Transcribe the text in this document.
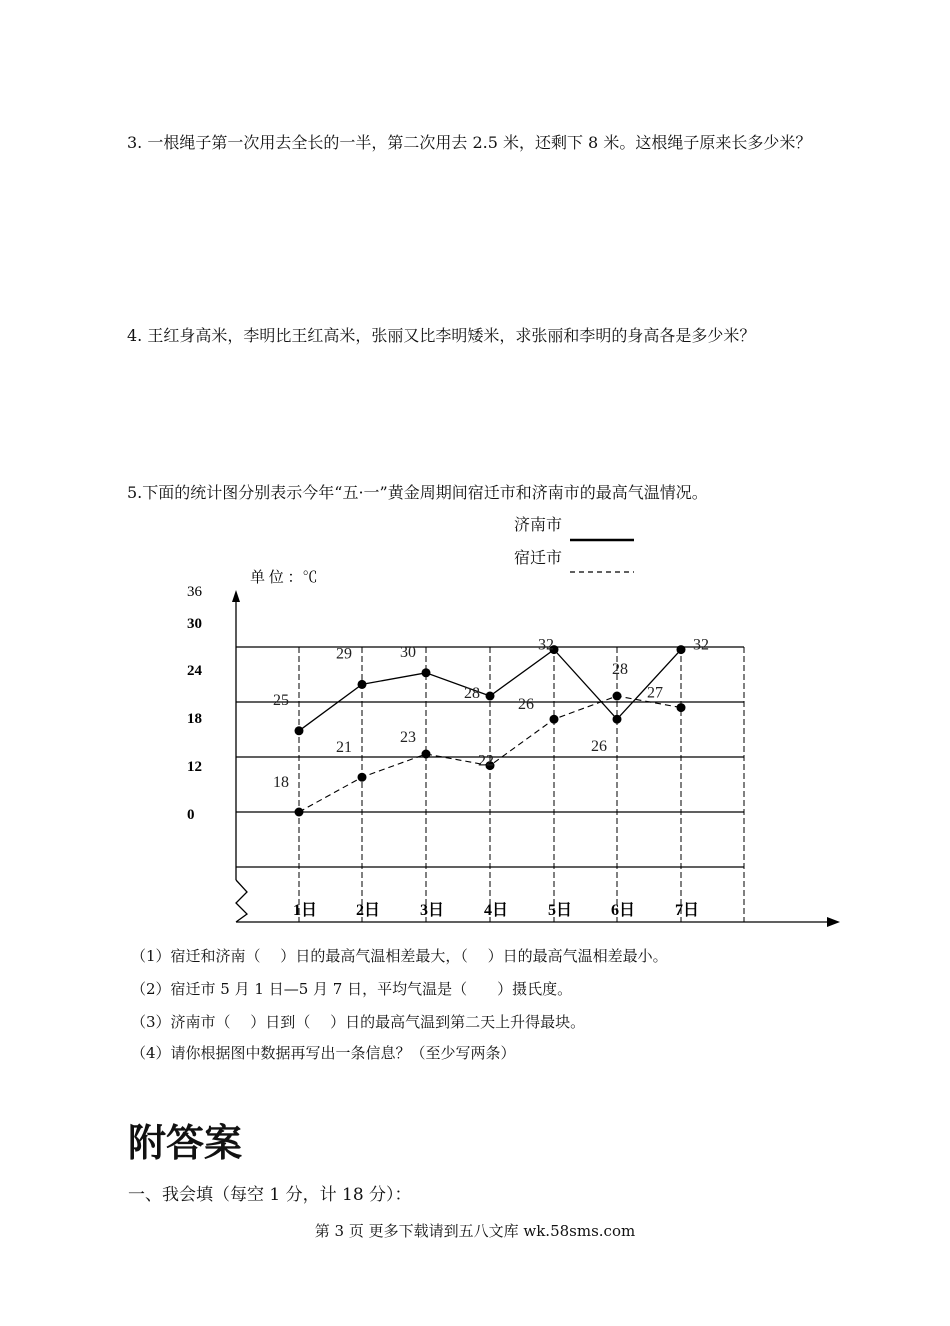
3. 一根绳子第一次用去全长的一半，第二次用去 2.5 米，还剩下 8 米。这根绳子原来长多少米？

4. 王红身高米，李明比王红高米，张丽又比李明矮米，求张丽和李明的身高各是多少米？

5.下面的统计图分别表示今年“五·一”黄金周期间宿迁市和济南市的最高气温情况。

济南市
宿迁市
单 位 ：℃
36
30
24
18
12
0
25
29	30
28
32
26
32
18
21
23
22
26
28
27
1日 2日 3日 4日 5日 6日 7日
（1）宿迁和济南（　 ）日的最高气温相差最大，（　 ）日的最高气温相差最小。
（2）宿迁市 5 月 1 日—5 月 7 日，平均气温是（　　）摄氏度。
（3）济南市（　 ）日到（　 ）日的最高气温到第二天上升得最块。
（4）请你根据图中数据再写出一条信息？（至少写两条）
附答案
一、我会填（每空 1 分，计 18 分）：
第 3 页 更多下载请到五八文库 wk.58sms.com
